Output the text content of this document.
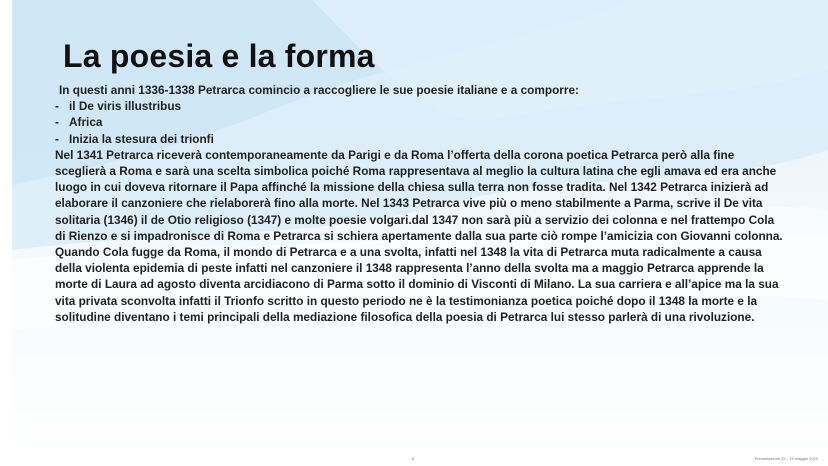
La poesia e la forma

In questi anni 1336-1338 Petrarca comincio a raccogliere le sue poesie italiane e a comporre:

- il De viris illustribus
- Africa
- Inizia la stesura dei trionfi

Nel 1341 Petrarca riceverà contemporaneamente da Parigi e da Roma l’offerta della corona poetica Petrarca però alla fine sceglierà a Roma e sarà una scelta simbolica poiché Roma rappresentava al meglio la cultura latina che egli amava ed era anche luogo in cui doveva ritornare il Papa affinché la missione della chiesa sulla terra non fosse tradita. Nel 1342 Petrarca inizierà ad elaborare il canzoniere che rielaborerà fino alla morte. Nel 1343 Petrarca vive più o meno stabilmente a Parma, scrive il De vita solitaria (1346) il de Otio religioso (1347) e molte poesie volgari.dal 1347 non sarà più a servizio dei colonna e nel frattempo Cola di Rienzo e si impadronisce di Roma e Petrarca si schiera apertamente dalla sua parte ciò rompe l’amicizia con Giovanni colonna. Quando Cola fugge da Roma, il mondo di Petrarca e a una svolta, infatti nel 1348 la vita di Petrarca muta radicalmente a causa della violenta epidemia di peste infatti nel canzoniere il 1348 rappresenta l’anno della svolta ma a maggio Petrarca apprende la morte di Laura ad agosto diventa arcidiacono di Parma sotto il dominio di Visconti di Milano. La sua carriera e all’apice ma la sua vita privata sconvolta infatti il Trionfo scritto in questo periodo ne è la testimonianza poetica poiché dopo il 1348 la morte e la solitudine diventano i temi principali della mediazione filosofica della poesia di Petrarca lui stesso parlerà di una rivoluzione.

6	Presentazione 22 - 15 maggio 2023
